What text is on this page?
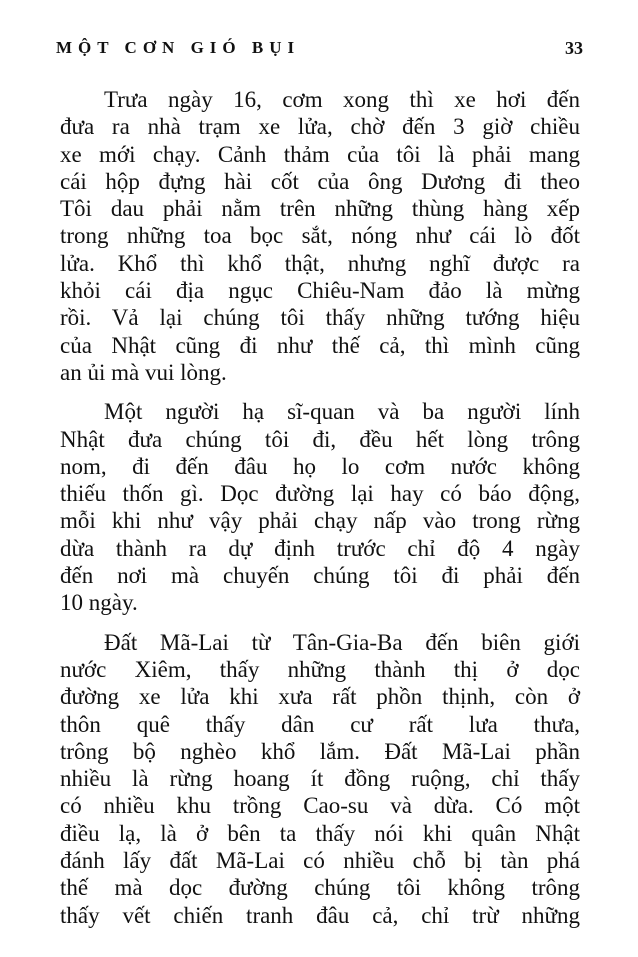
MỘT CƠN GIÓ BỤI	33
Trưa ngày 16, cơm xong thì xe hơi đến
đưa ra nhà trạm xe lửa, chờ đến 3 giờ chiều
xe mới chạy. Cảnh thảm của tôi là phải mang
cái hộp đựng hài cốt của ông Dương đi theo
Tôi dau phải nằm trên những thùng hàng xếp
trong những toa bọc sắt, nóng như cái lò đốt
lửa. Khổ thì khổ thật, nhưng nghĩ được ra
khỏi cái địa ngục Chiêu-Nam đảo là mừng
rồi. Vả lại chúng tôi thấy những tướng hiệu
của Nhật cũng đi như thế cả, thì mình cũng
an ủi mà vui lòng.
Một người hạ sĩ-quan và ba người lính
Nhật đưa chúng tôi đi, đều hết lòng trông
nom, đi đến đâu họ lo cơm nước không
thiếu thốn gì. Dọc đường lại hay có báo động,
mỗi khi như vậy phải chạy nấp vào trong rừng
dừa thành ra dự định trước chỉ độ 4 ngày
đến nơi mà chuyến chúng tôi đi phải đến
10 ngày.
Đất Mã-Lai từ Tân-Gia-Ba đến biên giới
nước Xiêm, thấy những thành thị ở dọc
đường xe lửa khi xưa rất phồn thịnh, còn ở
thôn quê thấy dân cư rất lưa thưa,
trông bộ nghèo khổ lắm. Đất Mã-Lai phần
nhiều là rừng hoang ít đồng ruộng, chỉ thấy
có nhiều khu trồng Cao-su và dừa. Có một
điều lạ, là ở bên ta thấy nói khi quân Nhật
đánh lấy đất Mã-Lai có nhiều chỗ bị tàn phá
thế mà dọc đường chúng tôi không trông
thấy vết chiến tranh đâu cả, chỉ trừ những
